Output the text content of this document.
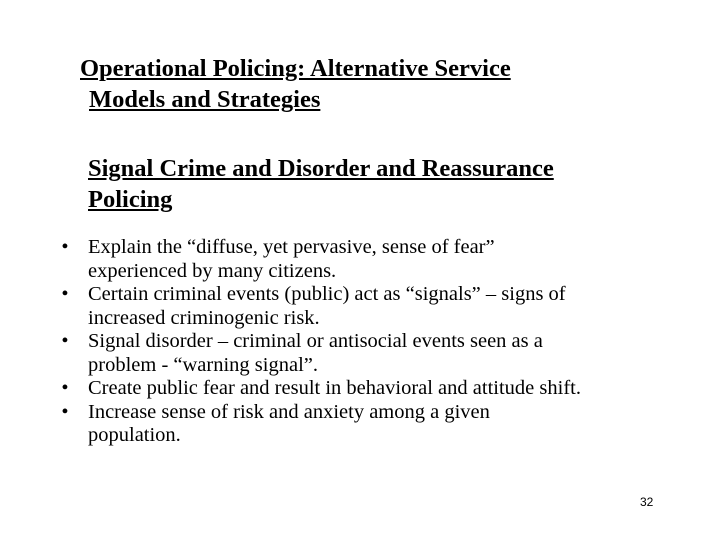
Operational Policing: Alternative Service
Models and Strategies
Signal Crime and Disorder and Reassurance
Policing
• Explain the “diffuse, yet pervasive, sense of fear”
experienced by many citizens.
• Certain criminal events (public) act as “signals” – signs of
increased criminogenic risk.
• Signal disorder – criminal or antisocial events seen as a
problem - “warning signal”.
• Create public fear and result in behavioral and attitude shift.
• Increase sense of risk and anxiety among a given
population.
32
